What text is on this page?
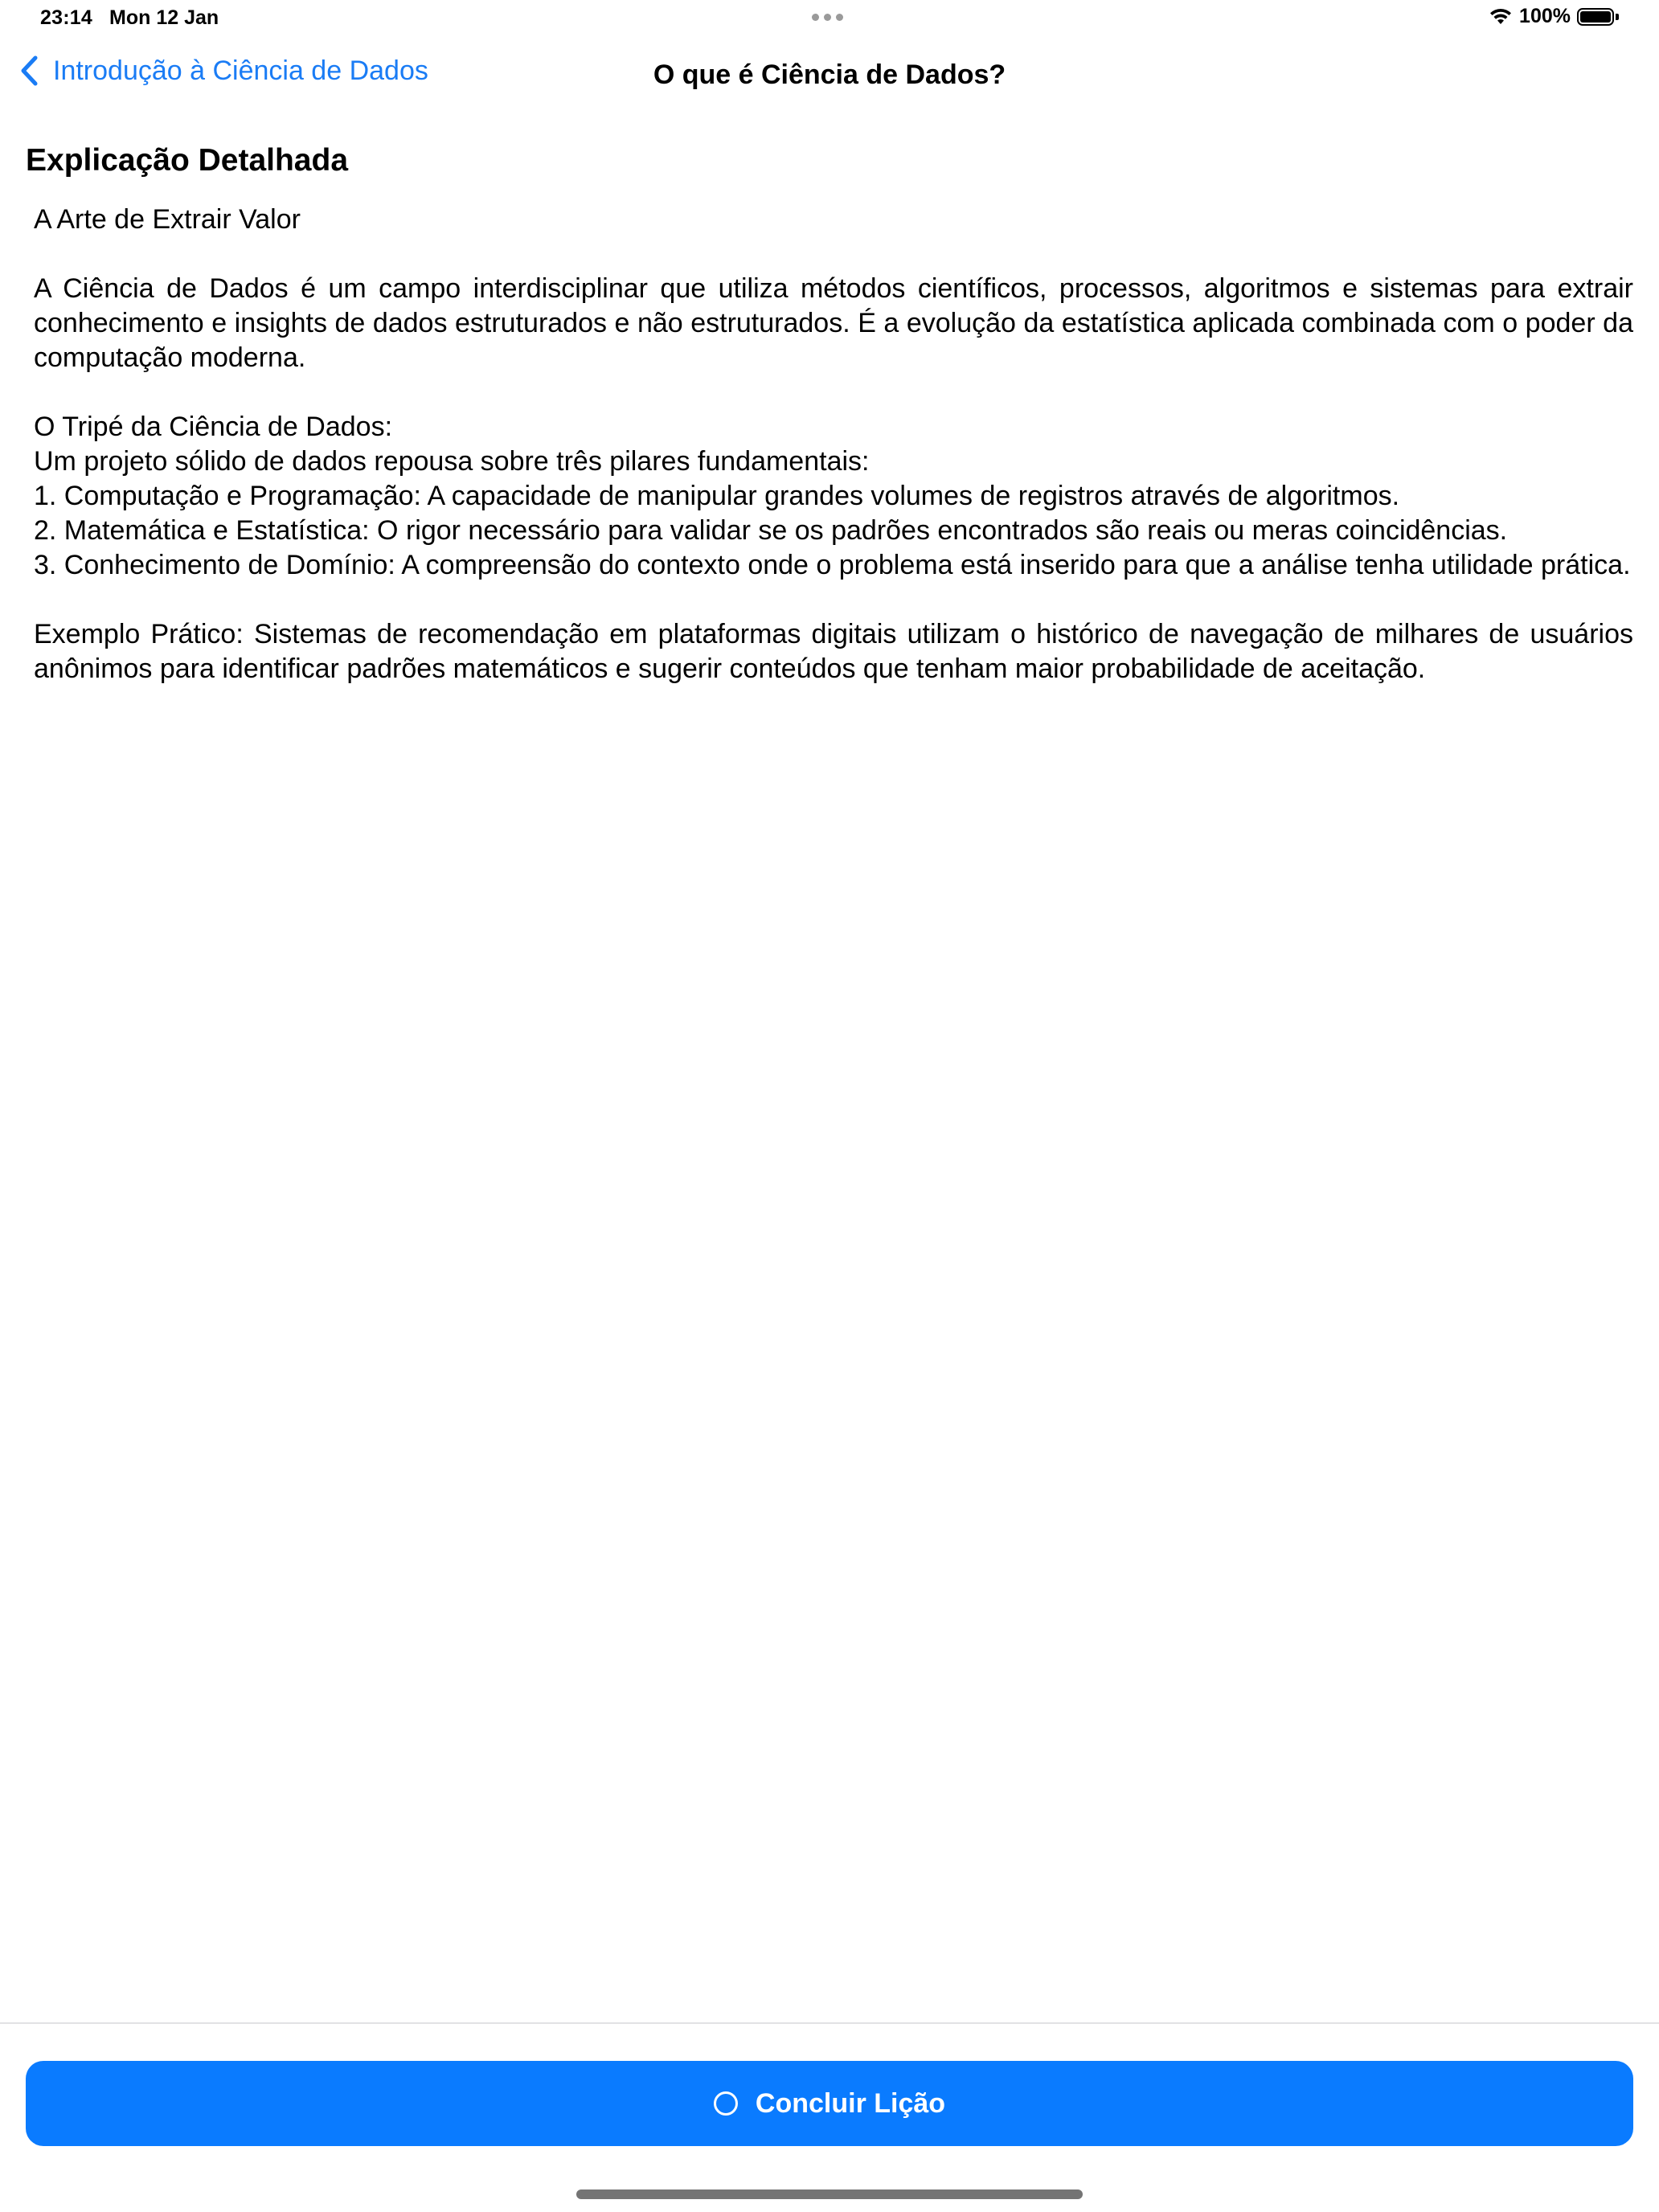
23:14 Mon 12 Jan	100%
Introdução à Ciência de Dados	O que é Ciência de Dados?
Explicação Detalhada

A Arte de Extrair Valor

A Ciência de Dados é um campo interdisciplinar que utiliza métodos científicos, processos, algoritmos e sistemas para extrair conhecimento e insights de dados estruturados e não estruturados. É a evolução da estatística aplicada combinada com o poder da computação moderna.

O Tripé da Ciência de Dados:

Um projeto sólido de dados repousa sobre três pilares fundamentais:

1. Computação e Programação: A capacidade de manipular grandes volumes de registros através de algoritmos.

2. Matemática e Estatística: O rigor necessário para validar se os padrões encontrados são reais ou meras coincidências.

3. Conhecimento de Domínio: A compreensão do contexto onde o problema está inserido para que a análise tenha utilidade prática.

Exemplo Prático: Sistemas de recomendação em plataformas digitais utilizam o histórico de navegação de milhares de usuários anônimos para identificar padrões matemáticos e sugerir conteúdos que tenham maior probabilidade de aceitação.

Concluir Lição
